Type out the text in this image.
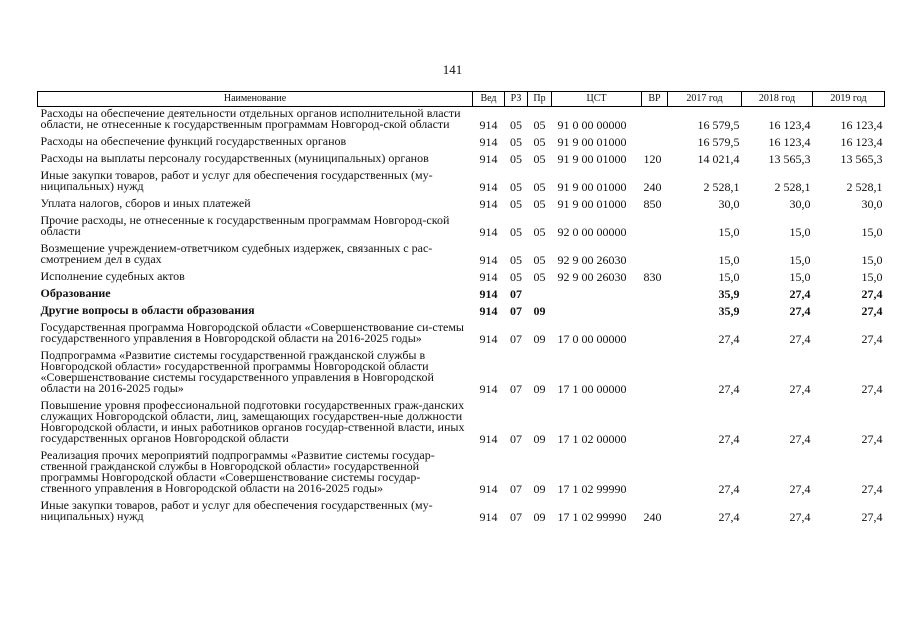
141
Наименование	Вед	РЗ	Пр	ЦСТ	ВР	2017 год	2018 год	2019 год
Расходы на обеспечение деятельности отдельных органов исполнительной власти области, не отнесенные к государственным программам Новгород-ской области	914	05	05	91 0 00 00000		16 579,5	16 123,4	16 123,4
Расходы на обеспечение функций государственных органов	914	05	05	91 9 00 01000		16 579,5	16 123,4	16 123,4
Расходы на выплаты персоналу государственных (муниципальных) органов	914	05	05	91 9 00 01000	120	14 021,4	13 565,3	13 565,3
Иные закупки товаров, работ и услуг для обеспечения государственных (му-ниципальных) нужд	914	05	05	91 9 00 01000	240	2 528,1	2 528,1	2 528,1
Уплата налогов, сборов и иных платежей	914	05	05	91 9 00 01000	850	30,0	30,0	30,0
Прочие расходы, не отнесенные к государственным программам Новгород-ской области	914	05	05	92 0 00 00000		15,0	15,0	15,0
Возмещение учреждением-ответчиком судебных издержек, связанных с рас-смотрением дел в судах	914	05	05	92 9 00 26030		15,0	15,0	15,0
Исполнение судебных актов	914	05	05	92 9 00 26030	830	15,0	15,0	15,0
Образование	914	07				35,9	27,4	27,4
Другие вопросы в области образования	914	07	09			35,9	27,4	27,4
Государственная программа Новгородской области «Совершенствование си-стемы государственного управления в Новгородской области на 2016-2025 годы»	914	07	09	17 0 00 00000		27,4	27,4	27,4
Подпрограмма «Развитие системы государственной гражданской службы в Новгородской области» государственной программы Новгородской области «Совершенствование системы государственного управления в Новгородской области на 2016-2025 годы»	914	07	09	17 1 00 00000		27,4	27,4	27,4
Повышение уровня профессиональной подготовки государственных граж-данских служащих Новгородской области, лиц, замещающих государствен-ные должности Новгородской области, и иных работников органов государ-ственной власти, иных государственных органов Новгородской области	914	07	09	17 1 02 00000		27,4	27,4	27,4
Реализация прочих мероприятий подпрограммы «Развитие системы государ-ственной гражданской службы в Новгородской области» государственной программы Новгородской области «Совершенствование системы государ-ственного управления в Новгородской области на 2016-2025 годы»	914	07	09	17 1 02 99990		27,4	27,4	27,4
Иные закупки товаров, работ и услуг для обеспечения государственных (му-ниципальных) нужд	914	07	09	17 1 02 99990	240	27,4	27,4	27,4
